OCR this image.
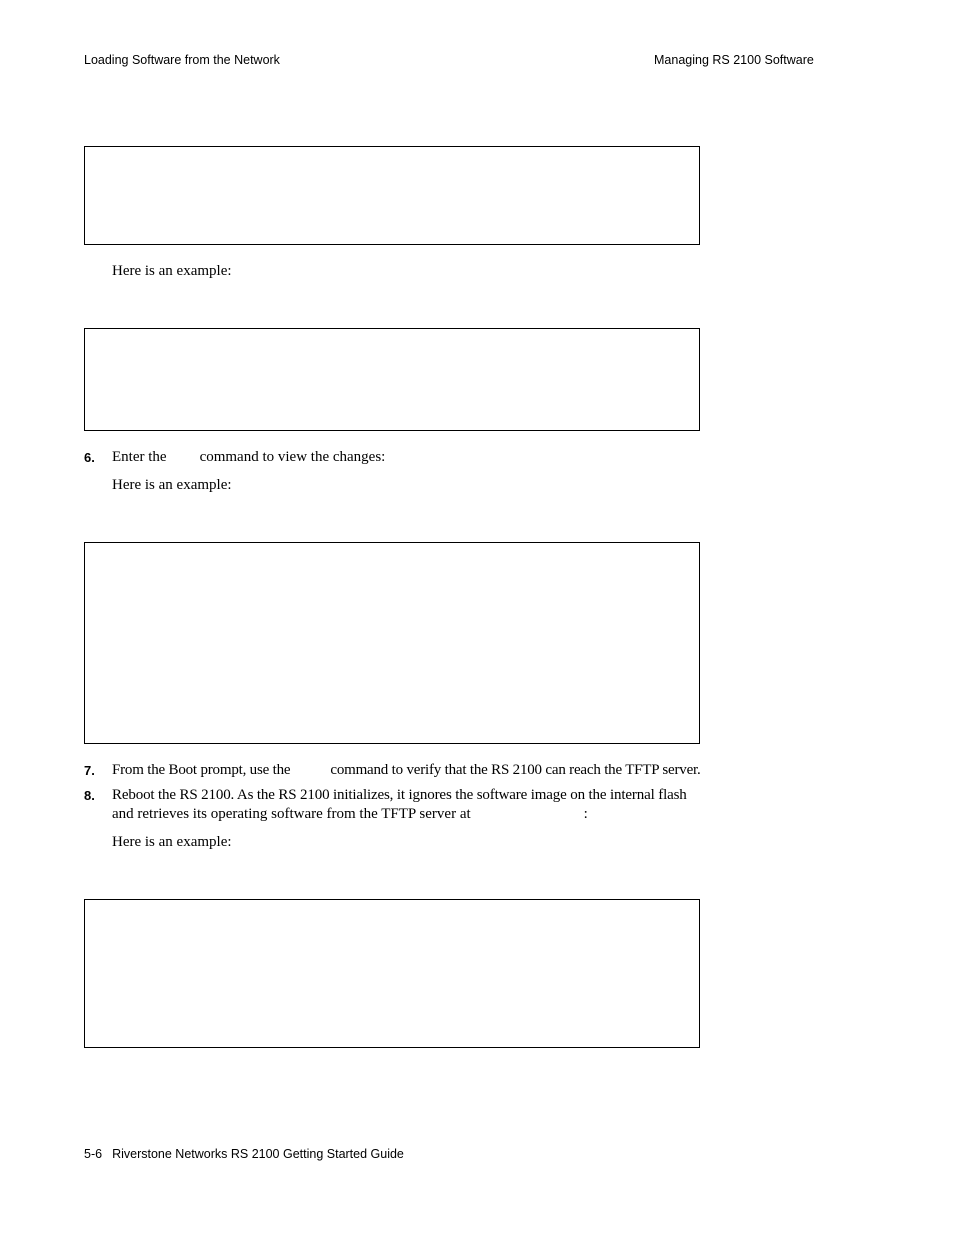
Loading Software from the Network	Managing RS 2100 Software
Here is an example:
6. Enter the command to view the changes:
Here is an example:
7. From the Boot prompt, use the	command to verify that the RS 2100 can reach the TFTP server.
8. Reboot the RS 2100. As the RS 2100 initializes, it ignores the software image on the internal flash
and retrieves its operating software from the TFTP server at	:
Here is an example:
5-6 Riverstone Networks RS 2100 Getting Started Guide
